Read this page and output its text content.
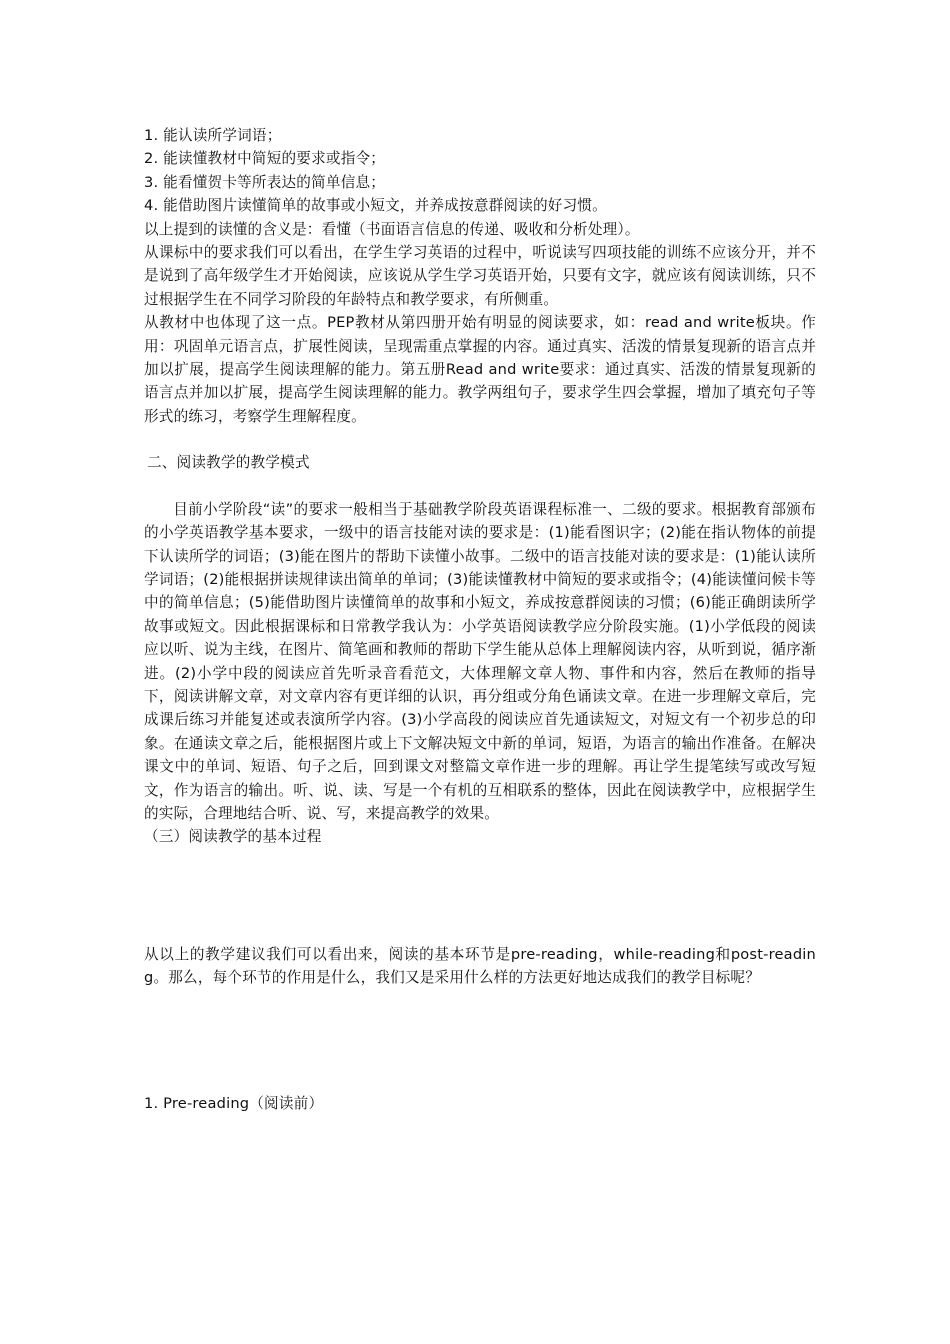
1. 能认读所学词语；

2. 能读懂教材中简短的要求或指令；

3. 能看懂贺卡等所表达的简单信息；

4. 能借助图片读懂简单的故事或小短文，并养成按意群阅读的好习惯。

以上提到的读懂的含义是：看懂（书面语言信息的传递、吸收和分析处理）。

从课标中的要求我们可以看出，在学生学习英语的过程中，听说读写四项技能的训练不应该分开，并不是说到了高年级学生才开始阅读，应该说从学生学习英语开始，只要有文字，就应该有阅读训练，只不过根据学生在不同学习阶段的年龄特点和教学要求，有所侧重。

从教材中也体现了这一点。PEP教材从第四册开始有明显的阅读要求，如：read and write板块。作用：巩固单元语言点，扩展性阅读，呈现需重点掌握的内容。通过真实、活泼的情景复现新的语言点并加以扩展，提高学生阅读理解的能力。第五册Read and write要求：通过真实、活泼的情景复现新的语言点并加以扩展，提高学生阅读理解的能力。教学两组句子，要求学生四会掌握，增加了填充句子等形式的练习，考察学生理解程度。

二、阅读教学的教学模式

目前小学阶段“读”的要求一般相当于基础教学阶段英语课程标准一、二级的要求。根据教育部颁布的小学英语教学基本要求，一级中的语言技能对读的要求是：(1)能看图识字；(2)能在指认物体的前提下认读所学的词语；(3)能在图片的帮助下读懂小故事。二级中的语言技能对读的要求是：(1)能认读所学词语；(2)能根据拼读规律读出简单的单词；(3)能读懂教材中简短的要求或指令；(4)能读懂问候卡等中的简单信息；(5)能借助图片读懂简单的故事和小短文，养成按意群阅读的习惯；(6)能正确朗读所学故事或短文。因此根据课标和日常教学我认为：小学英语阅读教学应分阶段实施。(1)小学低段的阅读应以听、说为主线，在图片、简笔画和教师的帮助下学生能从总体上理解阅读内容，从听到说，循序渐进。(2)小学中段的阅读应首先听录音看范文，大体理解文章人物、事件和内容，然后在教师的指导下，阅读讲解文章，对文章内容有更详细的认识，再分组或分角色诵读文章。在进一步理解文章后，完成课后练习并能复述或表演所学内容。(3)小学高段的阅读应首先通读短文，对短文有一个初步总的印象。在通读文章之后，能根据图片或上下文解决短文中新的单词，短语，为语言的输出作准备。在解决课文中的单词、短语、句子之后，回到课文对整篇文章作进一步的理解。再让学生提笔续写或改写短文，作为语言的输出。听、说、读、写是一个有机的互相联系的整体，因此在阅读教学中，应根据学生的实际，合理地结合听、说、写，来提高教学的效果。

（三）阅读教学的基本过程

从以上的教学建议我们可以看出来，阅读的基本环节是pre-reading，while-reading和post-reading。那么，每个环节的作用是什么，我们又是采用什么样的方法更好地达成我们的教学目标呢？

1. Pre-reading（阅读前）
